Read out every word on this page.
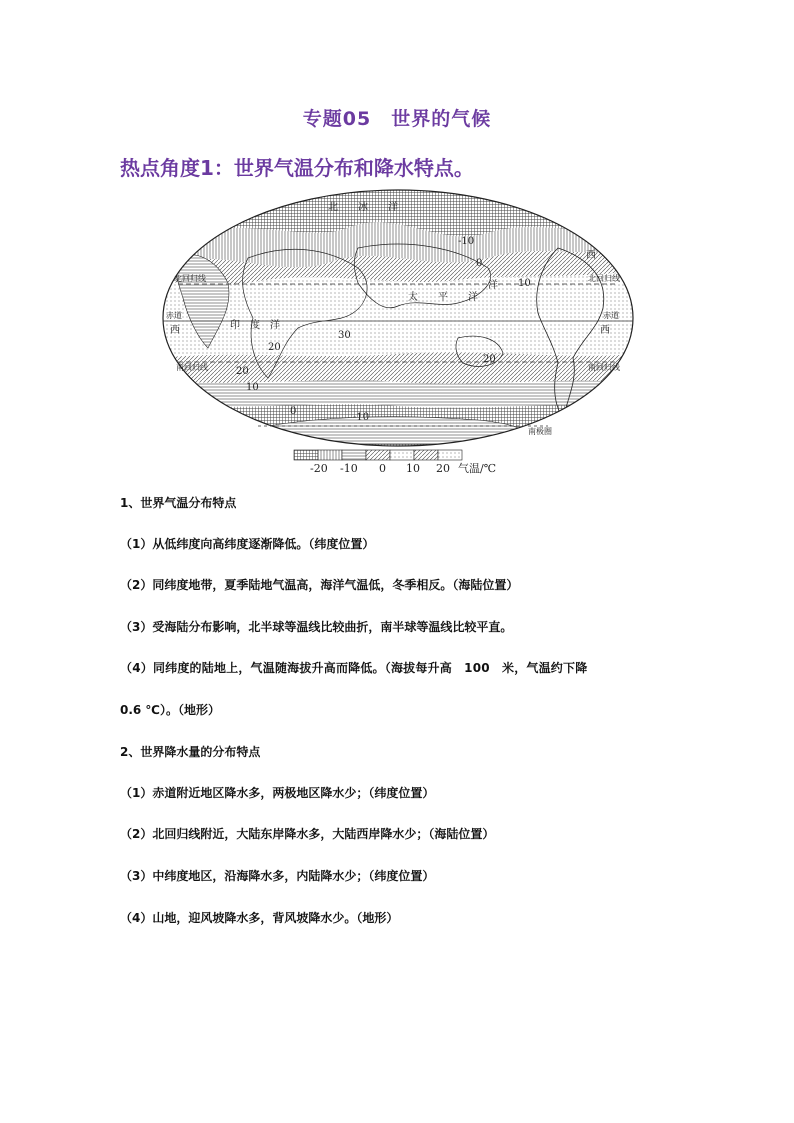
专题05　世界的气候
热点角度1：世界气温分布和降水特点。
北　　冰　　洋
太　　平　　洋
印　度　洋
西
西
洋
西
北回归线	北回归线
赤道	赤道
南回归线	南回归线
南极圈
-10
0
10
20
30
20
20
10
0
-10
-20 -10 0 10 20 气温/℃
1、世界气温分布特点
（1）从低纬度向高纬度逐渐降低。（纬度位置）
（2）同纬度地带，夏季陆地气温高，海洋气温低，冬季相反。（海陆位置）
（3）受海陆分布影响，北半球等温线比较曲折，南半球等温线比较平直。
（4）同纬度的陆地上，气温随海拔升高而降低。（海拔每升高　100　米，气温约下降
0.6 ℃）。（地形）
2、世界降水量的分布特点
（1）赤道附近地区降水多，两极地区降水少；（纬度位置）
（2）北回归线附近，大陆东岸降水多，大陆西岸降水少；（海陆位置）
（3）中纬度地区，沿海降水多，内陆降水少；（纬度位置）
（4）山地，迎风坡降水多，背风坡降水少。（地形）
